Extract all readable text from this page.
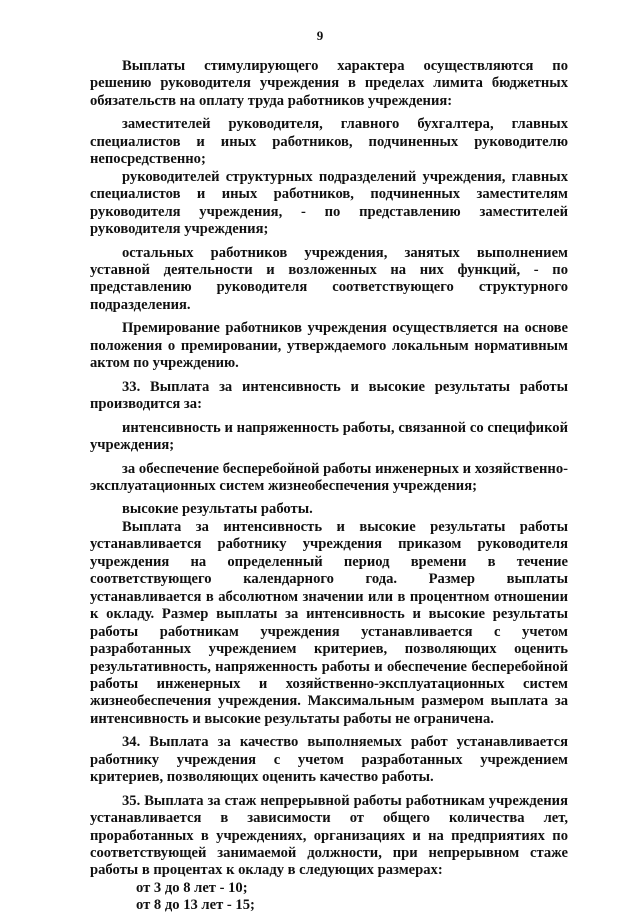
9

Выплаты стимулирующего характера осуществляются по решению руководителя учреждения в пределах лимита бюджетных обязательств на оплату труда работников учреждения:

заместителей руководителя, главного бухгалтера, главных специалистов и иных работников, подчиненных руководителю непосредственно;

руководителей структурных подразделений учреждения, главных специалистов и иных работников, подчиненных заместителям руководителя учреждения, - по представлению заместителей руководителя учреждения;

остальных работников учреждения, занятых выполнением уставной деятельности и возложенных на них функций, - по представлению руководителя соответствующего структурного подразделения.

Премирование работников учреждения осуществляется на основе положения о премировании, утверждаемого локальным нормативным актом по учреждению.

33. Выплата за интенсивность и высокие результаты работы производится за:

интенсивность и напряженность работы, связанной со спецификой учреждения;

за обеспечение бесперебойной работы инженерных и хозяйственно-эксплуатационных систем жизнеобеспечения учреждения;

высокие результаты работы.

Выплата за интенсивность и высокие результаты работы устанавливается работнику учреждения приказом руководителя учреждения на определенный период времени в течение соответствующего календарного года. Размер выплаты устанавливается в абсолютном значении или в процентном отношении к окладу. Размер выплаты за интенсивность и высокие результаты работы работникам учреждения устанавливается с учетом разработанных учреждением критериев, позволяющих оценить результативность, напряженность работы и обеспечение бесперебойной работы инженерных и хозяйственно-эксплуатационных систем жизнеобеспечения учреждения. Максимальным размером выплата за интенсивность и высокие результаты работы не ограничена.

34. Выплата за качество выполняемых работ устанавливается работнику учреждения с учетом разработанных учреждением критериев, позволяющих оценить качество работы.

35. Выплата за стаж непрерывной работы работникам учреждения устанавливается в зависимости от общего количества лет, проработанных в учреждениях, организациях и на предприятиях по соответствующей занимаемой должности, при непрерывном стаже работы в процентах к окладу в следующих размерах:

от 3 до 8 лет - 10;

от 8 до 13 лет - 15;
